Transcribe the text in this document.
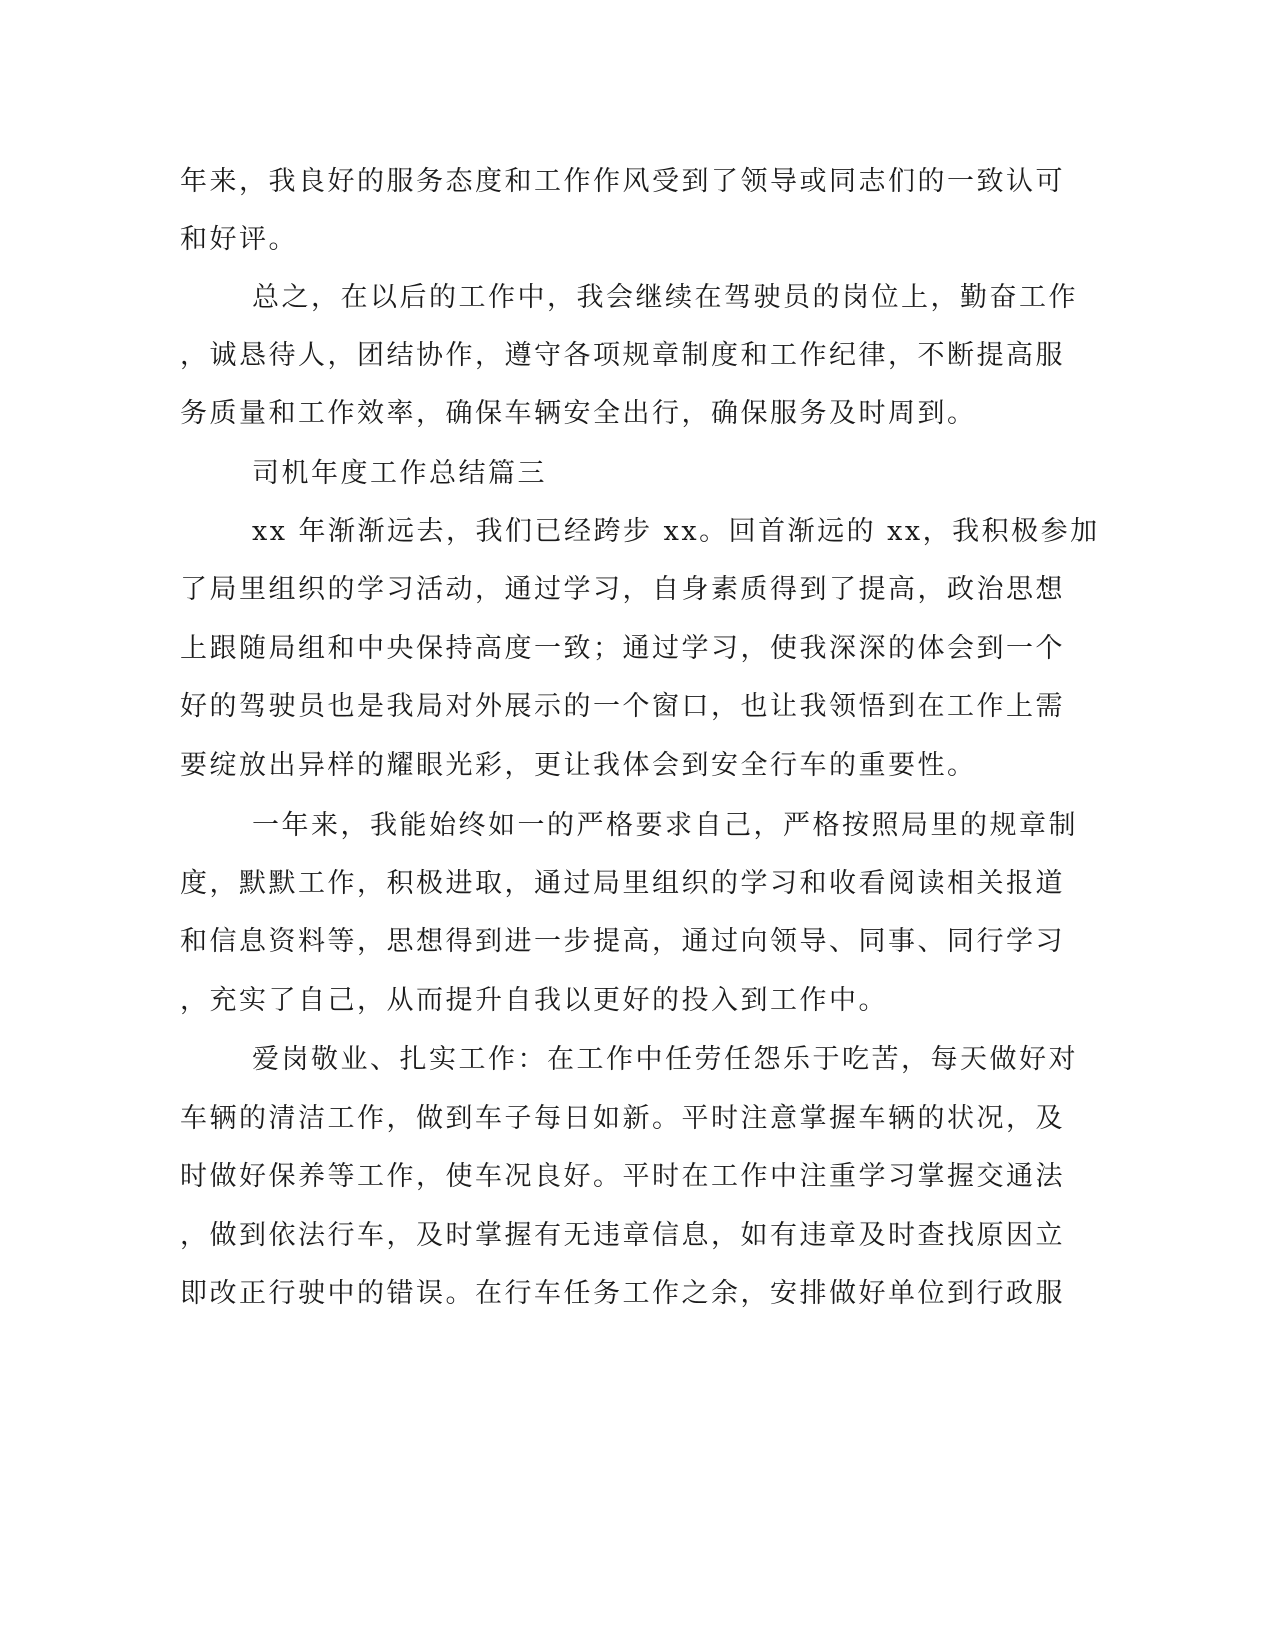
年来，我良好的服务态度和工作作风受到了领导或同志们的一致认可
和好评。
总之，在以后的工作中，我会继续在驾驶员的岗位上，勤奋工作
，诚恳待人，团结协作，遵守各项规章制度和工作纪律，不断提高服
务质量和工作效率，确保车辆安全出行，确保服务及时周到。
司机年度工作总结篇三
xx 年渐渐远去，我们已经跨步 xx。回首渐远的 xx，我积极参加
了局里组织的学习活动，通过学习，自身素质得到了提高，政治思想
上跟随局组和中央保持高度一致；通过学习，使我深深的体会到一个
好的驾驶员也是我局对外展示的一个窗口，也让我领悟到在工作上需
要绽放出异样的耀眼光彩，更让我体会到安全行车的重要性。
一年来，我能始终如一的严格要求自己，严格按照局里的规章制
度，默默工作，积极进取，通过局里组织的学习和收看阅读相关报道
和信息资料等，思想得到进一步提高，通过向领导、同事、同行学习
，充实了自己，从而提升自我以更好的投入到工作中。
爱岗敬业、扎实工作：在工作中任劳任怨乐于吃苦，每天做好对
车辆的清洁工作，做到车子每日如新。平时注意掌握车辆的状况，及
时做好保养等工作，使车况良好。平时在工作中注重学习掌握交通法
，做到依法行车，及时掌握有无违章信息，如有违章及时查找原因立
即改正行驶中的错误。在行车任务工作之余，安排做好单位到行政服
